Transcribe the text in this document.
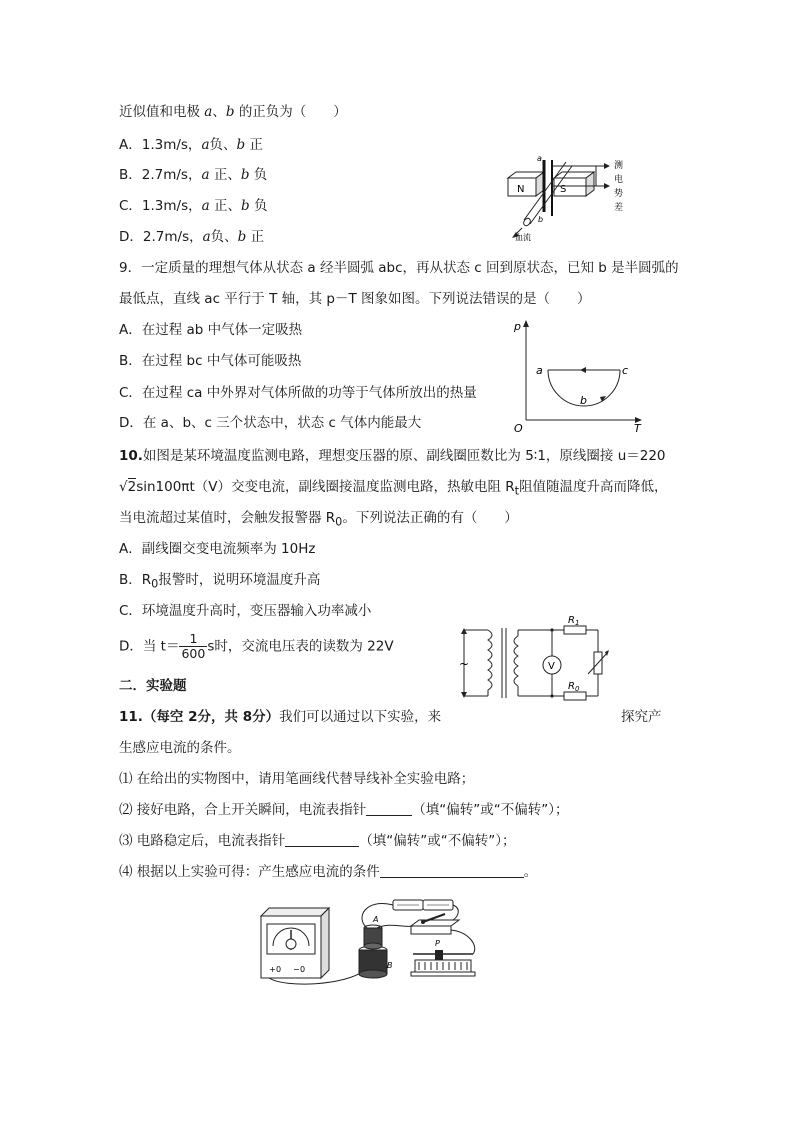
近似值和电极 a、b 的正负为（　　）
A．1.3m/s，a负、b 正
B．2.7m/s，a 正、b 负
C．1.3m/s，a 正、b 负
D．2.7m/s，a负、b 正
N	S
a
b
血流
测
电
势
差
9．一定质量的理想气体从状态 a 经半圆弧 abc，再从状态 c 回到原状态，已知 b 是半圆弧的
最低点，直线 ac 平行于 T 轴，其 p－T 图象如图。下列说法错误的是（　　）
A．在过程 ab 中气体一定吸热
B．在过程 bc 中气体可能吸热
C．在过程 ca 中外界对气体所做的功等于气体所放出的热量
D．在 a、b、c 三个状态中，状态 c 气体内能最大
p
T
O
a	c
b
10.如图是某环境温度监测电路，理想变压器的原、副线圈匝数比为 5∶1，原线圈接 u＝220
√2sin100πt（V）交变电流，副线圈接温度监测电路，热敏电阻 $R_t$阻值随温度升高而降低，
当电流超过某值时，会触发报警器 $R_0$。下列说法正确的有（　　）
A．副线圈交变电流频率为 10Hz
B．$R_0$报警时，说明环境温度升高
C．环境温度升高时，变压器输入功率减小
D．当 $t= \frac{1}{600}$ s时，交流电压表的读数为 22V
~	V
$R_1$
$R_0$
二．实验题
11.（每空 2分，共 8分）我们可以通过以下实验，来	探究产
生感应电流的条件。
⑴ 在给出的实物图中，请用笔画线代替导线补全实验电路；
⑵ 接好电路，合上开关瞬间，电流表指针	（填“偏转”或“不偏转”）；
⑶ 电路稳定后，电流表指针	（填“偏转”或“不偏转”）；
⑷ 根据以上实验可得：产生感应电流的条件	。
+ 0 − 0	B
A
P
